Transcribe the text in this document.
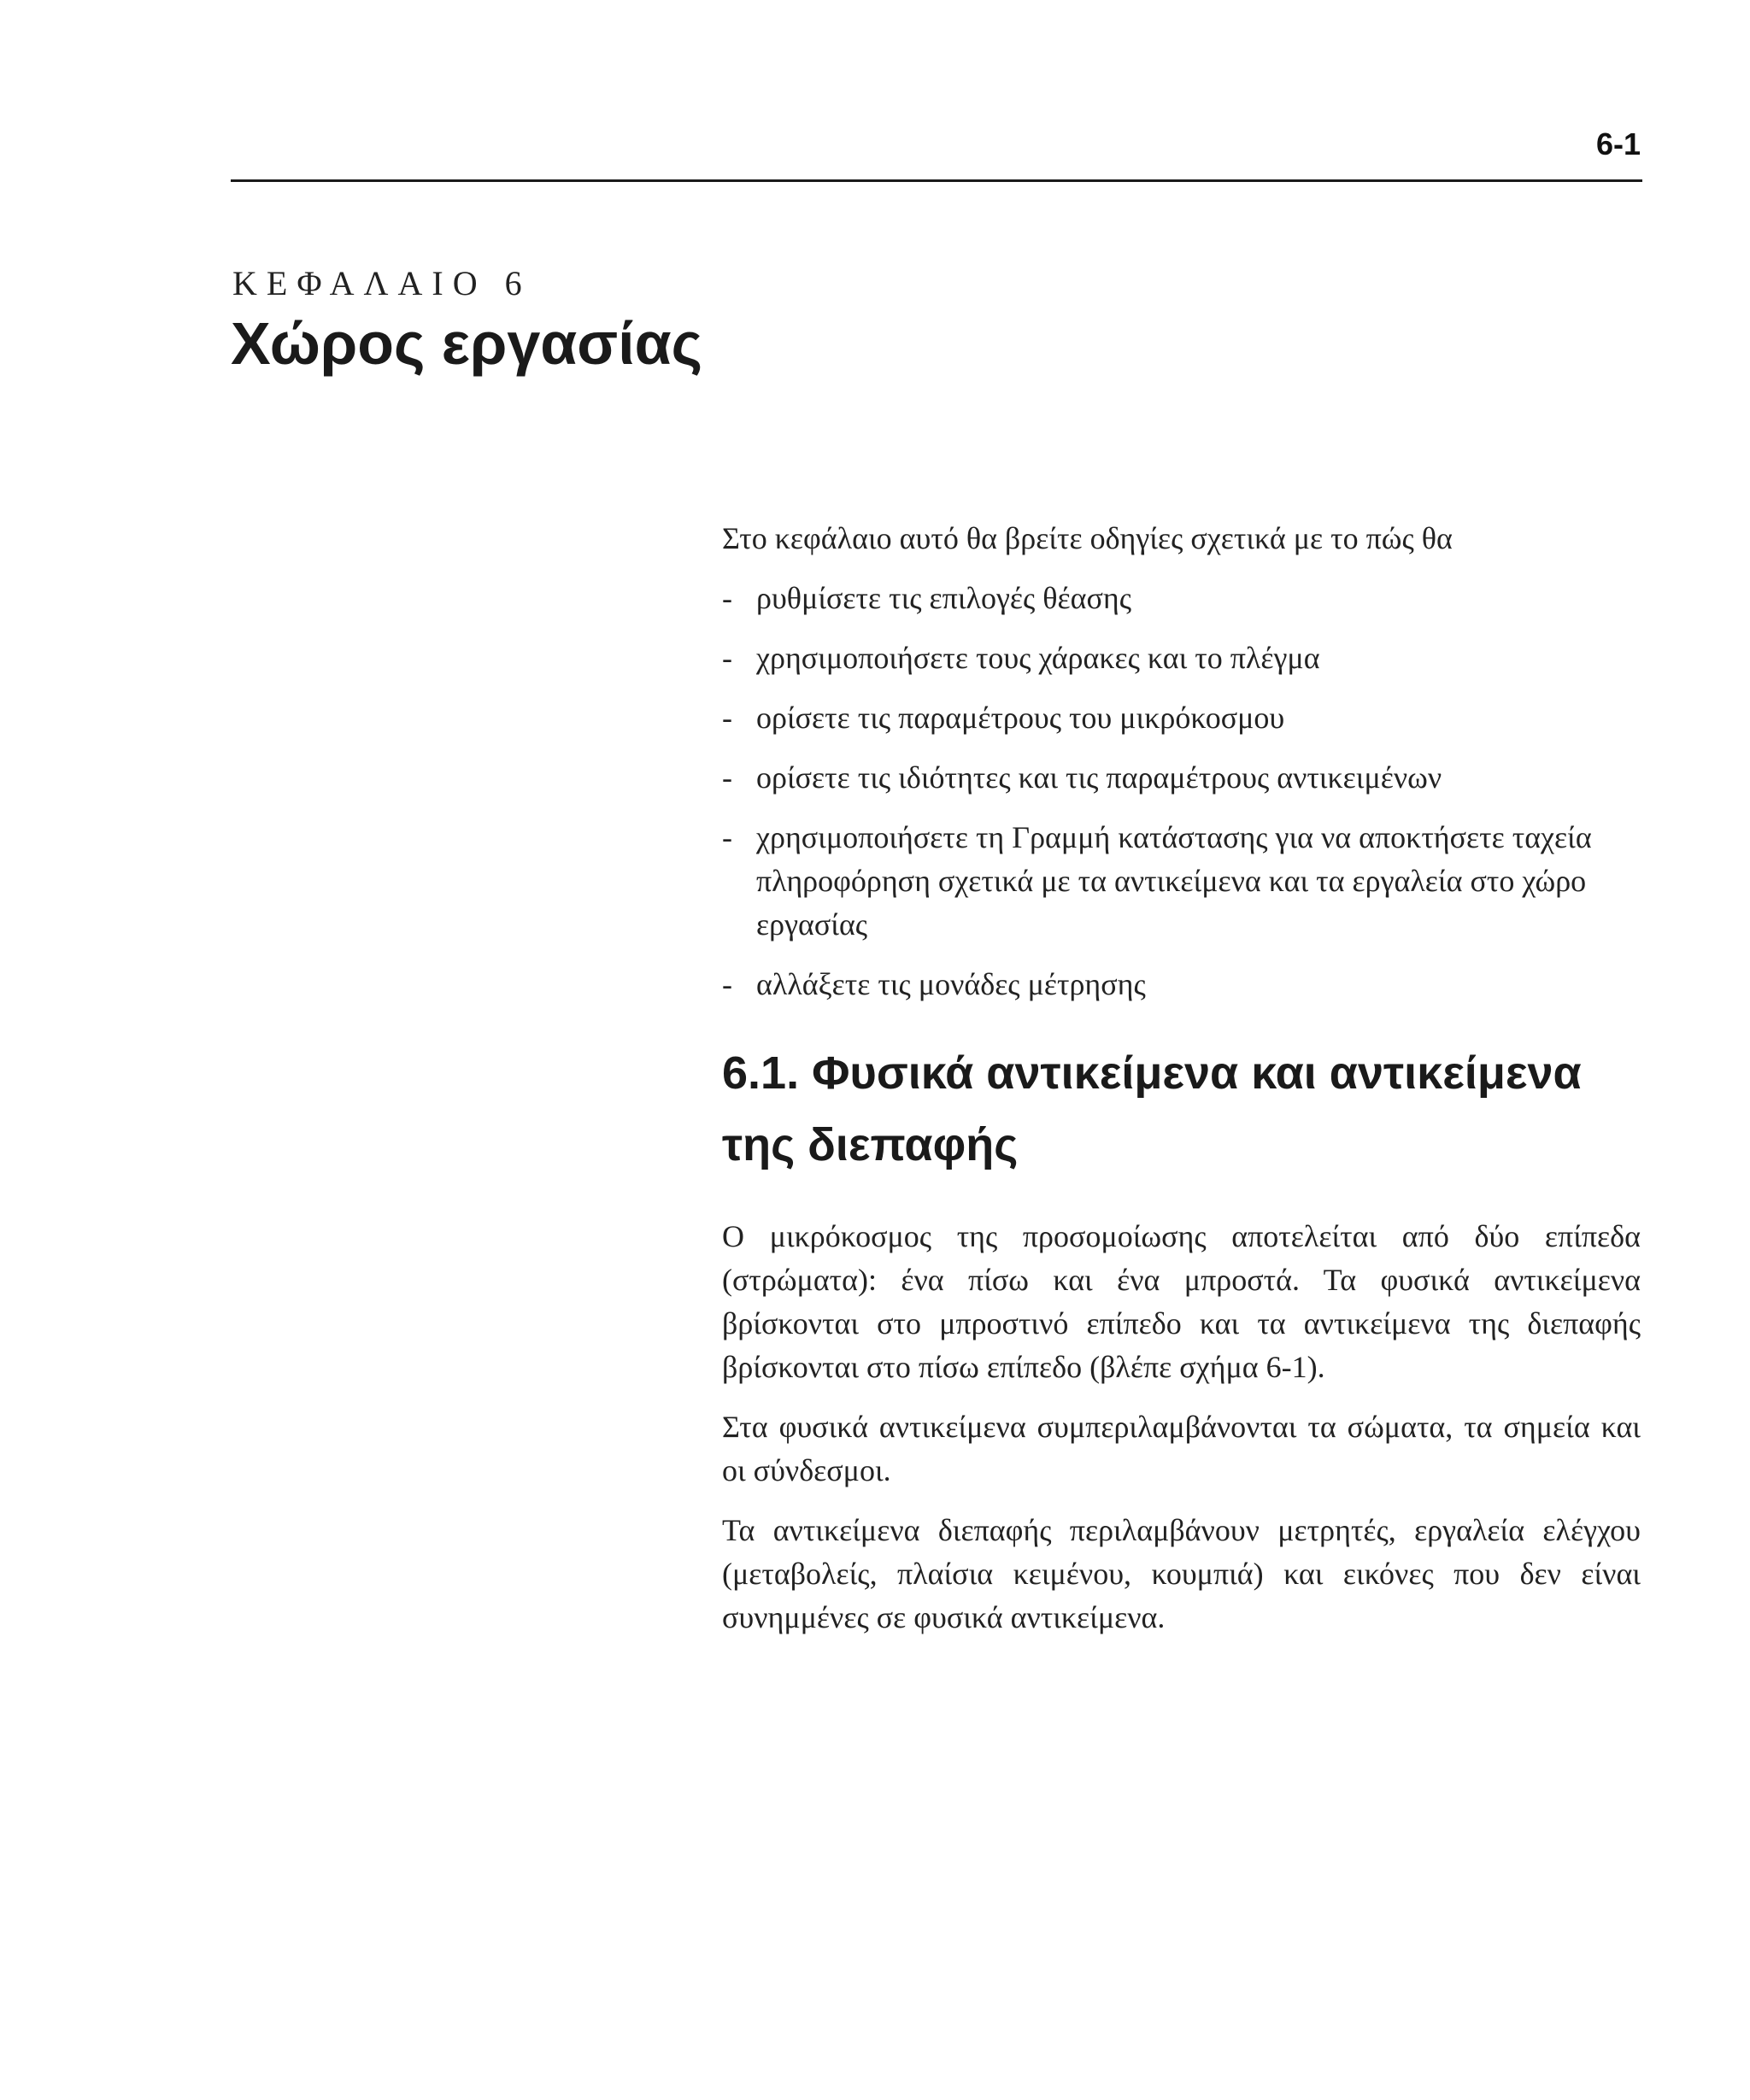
6-1
ΚΕΦΑΛΑΙΟ 6
Χώρος εργασίας

Στο κεφάλαιο αυτό θα βρείτε οδηγίες σχετικά με το πώς θα

- ρυθμίσετε τις επιλογές θέασης
- χρησιμοποιήσετε τους χάρακες και το πλέγμα
- ορίσετε τις παραμέτρους του μικρόκοσμου
- ορίσετε τις ιδιότητες και τις παραμέτρους αντικειμένων
- χρησιμοποιήσετε τη Γραμμή κατάστασης για να αποκτήσετε ταχεία πληροφόρηση σχετικά με τα αντικείμενα και τα εργαλεία στο χώρο εργασίας
- αλλάξετε τις μονάδες μέτρησης
6.1. Φυσικά αντικείμενα και αντικείμενα της διεπαφής

Ο μικρόκοσμος της προσομοίωσης αποτελείται από δύο επίπεδα (στρώματα): ένα πίσω και ένα μπροστά. Τα φυσικά αντικείμενα βρίσκονται στο μπροστινό επίπεδο και τα αντικείμενα της διεπαφής βρίσκονται στο πίσω επίπεδο (βλέπε σχήμα 6-1).

Στα φυσικά αντικείμενα συμπεριλαμβάνονται τα σώματα, τα σημεία και οι σύνδεσμοι.

Τα αντικείμενα διεπαφής περιλαμβάνουν μετρητές, εργαλεία ελέγχου (μεταβολείς, πλαίσια κειμένου, κουμπιά) και εικόνες που δεν είναι συνημμένες σε φυσικά αντικείμενα.
